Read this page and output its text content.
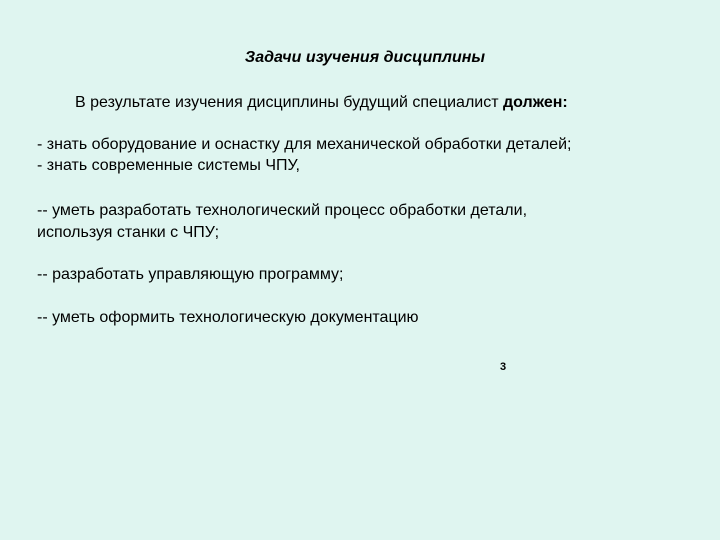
Задачи изучения дисциплины

В результате изучения дисциплины будущий специалист должен:

- знать оборудование и оснастку для механической обработки деталей;

- знать современные системы ЧПУ,

-- уметь разработать технологический процесс обработки детали,

используя станки с ЧПУ;

-- разработать управляющую программу;

-- уметь оформить технологическую документацию

3
